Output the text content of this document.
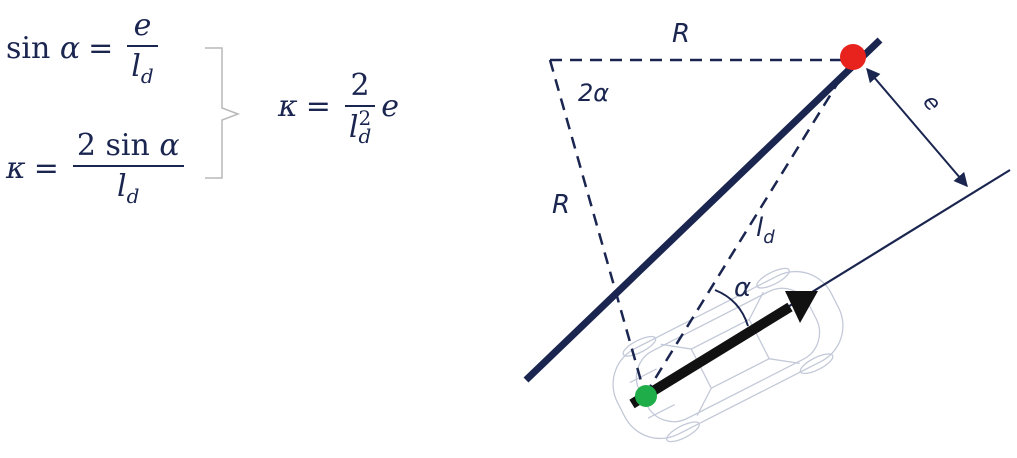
sin
$\alpha = \frac{e}{l_d}$
$\kappa = \frac{\text{2 sin α}}{l_d}$
κ = 2
l 2
d e
R
2α
R
e
$l_d$
α
